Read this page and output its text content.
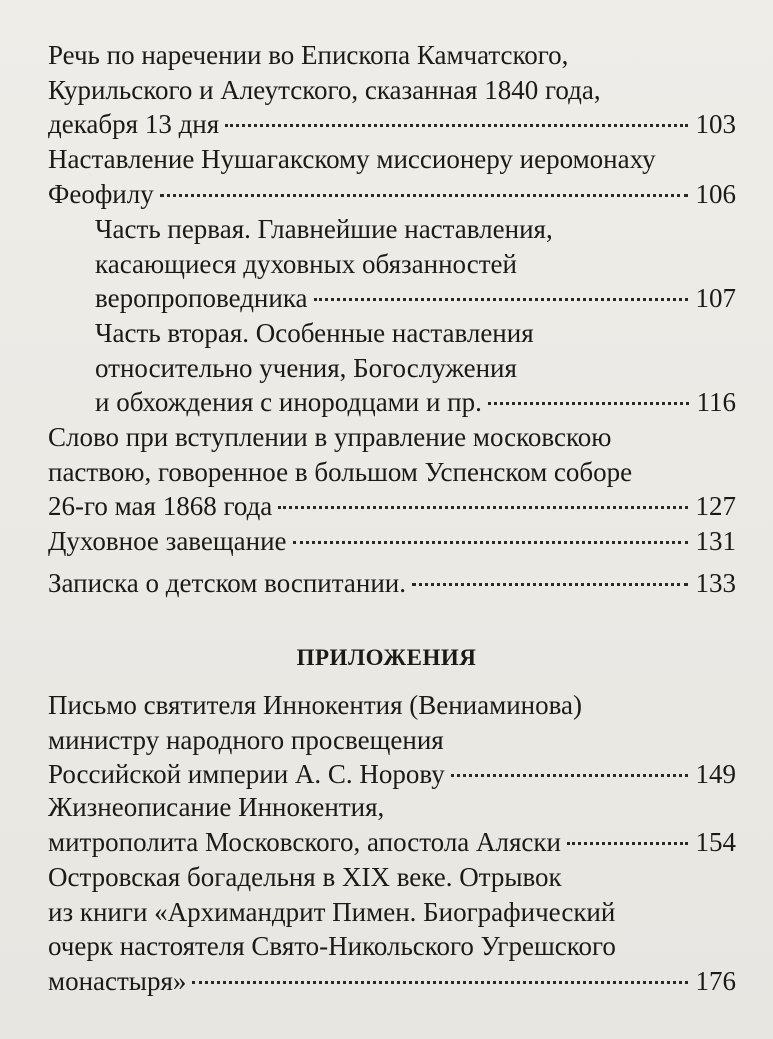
Речь по наречении во Епископа Камчатского,
Курильского и Алеутского, сказанная 1840 года,
декабря 13 дня	103
Наставление Нушагакскому миссионеру иеромонаху
Феофилу	106
Часть первая. Главнейшие наставления,
касающиеся духовных обязанностей
веропроповедника	107
Часть вторая. Особенные наставления
относительно учения, Богослужения
и обхождения с инородцами и пр.	116
Слово при вступлении в управление московскою
паствою, говоренное в большом Успенском соборе
26-го мая 1868 года	127
Духовное завещание	131
Записка о детском воспитании.	133
ПРИЛОЖЕНИЯ
Письмо святителя Иннокентия (Вениаминова)
министру народного просвещения
Российской империи А. С. Норову	149
Жизнеописание Иннокентия,
митрополита Московского, апостола Аляски	154
Островская богадельня в XIX веке. Отрывок
из книги «Архимандрит Пимен. Биографический
очерк настоятеля Свято-Никольского Угрешского
монастыря»	176
